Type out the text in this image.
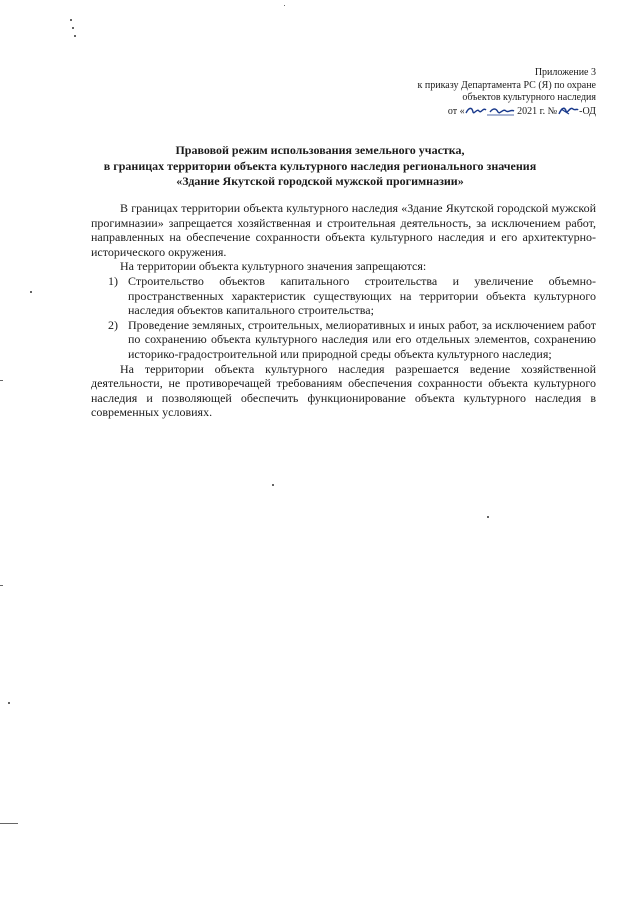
Приложение 3
к приказу Департамента РС (Я) по охране
объектов культурного наследия
от «	2021 г. № -ОД
Правовой режим использования земельного участка,
в границах территории объекта культурного наследия регионального значения
«Здание Якутской городской мужской прогимназии»

В границах территории объекта культурного наследия «Здание Якутской городской мужской прогимназии» запрещается хозяйственная и строительная деятельность, за исключением работ, направленных на обеспечение сохранности объекта культурного наследия и его архитектурно-исторического окружения.

На территории объекта культурного значения запрещаются:

1) Строительство объектов капитального строительства и увеличение объемно-пространственных характеристик существующих на территории объекта культурного наследия объектов капитального строительства;
2) Проведение земляных, строительных, мелиоративных и иных работ, за исключением работ по сохранению объекта культурного наследия или его отдельных элементов, сохранению историко-градостроительной или природной среды объекта культурного наследия;

На территории объекта культурного наследия разрешается ведение хозяйственной деятельности, не противоречащей требованиям обеспечения сохранности объекта культурного наследия и позволяющей обеспечить функционирование объекта культурного наследия в современных условиях.
